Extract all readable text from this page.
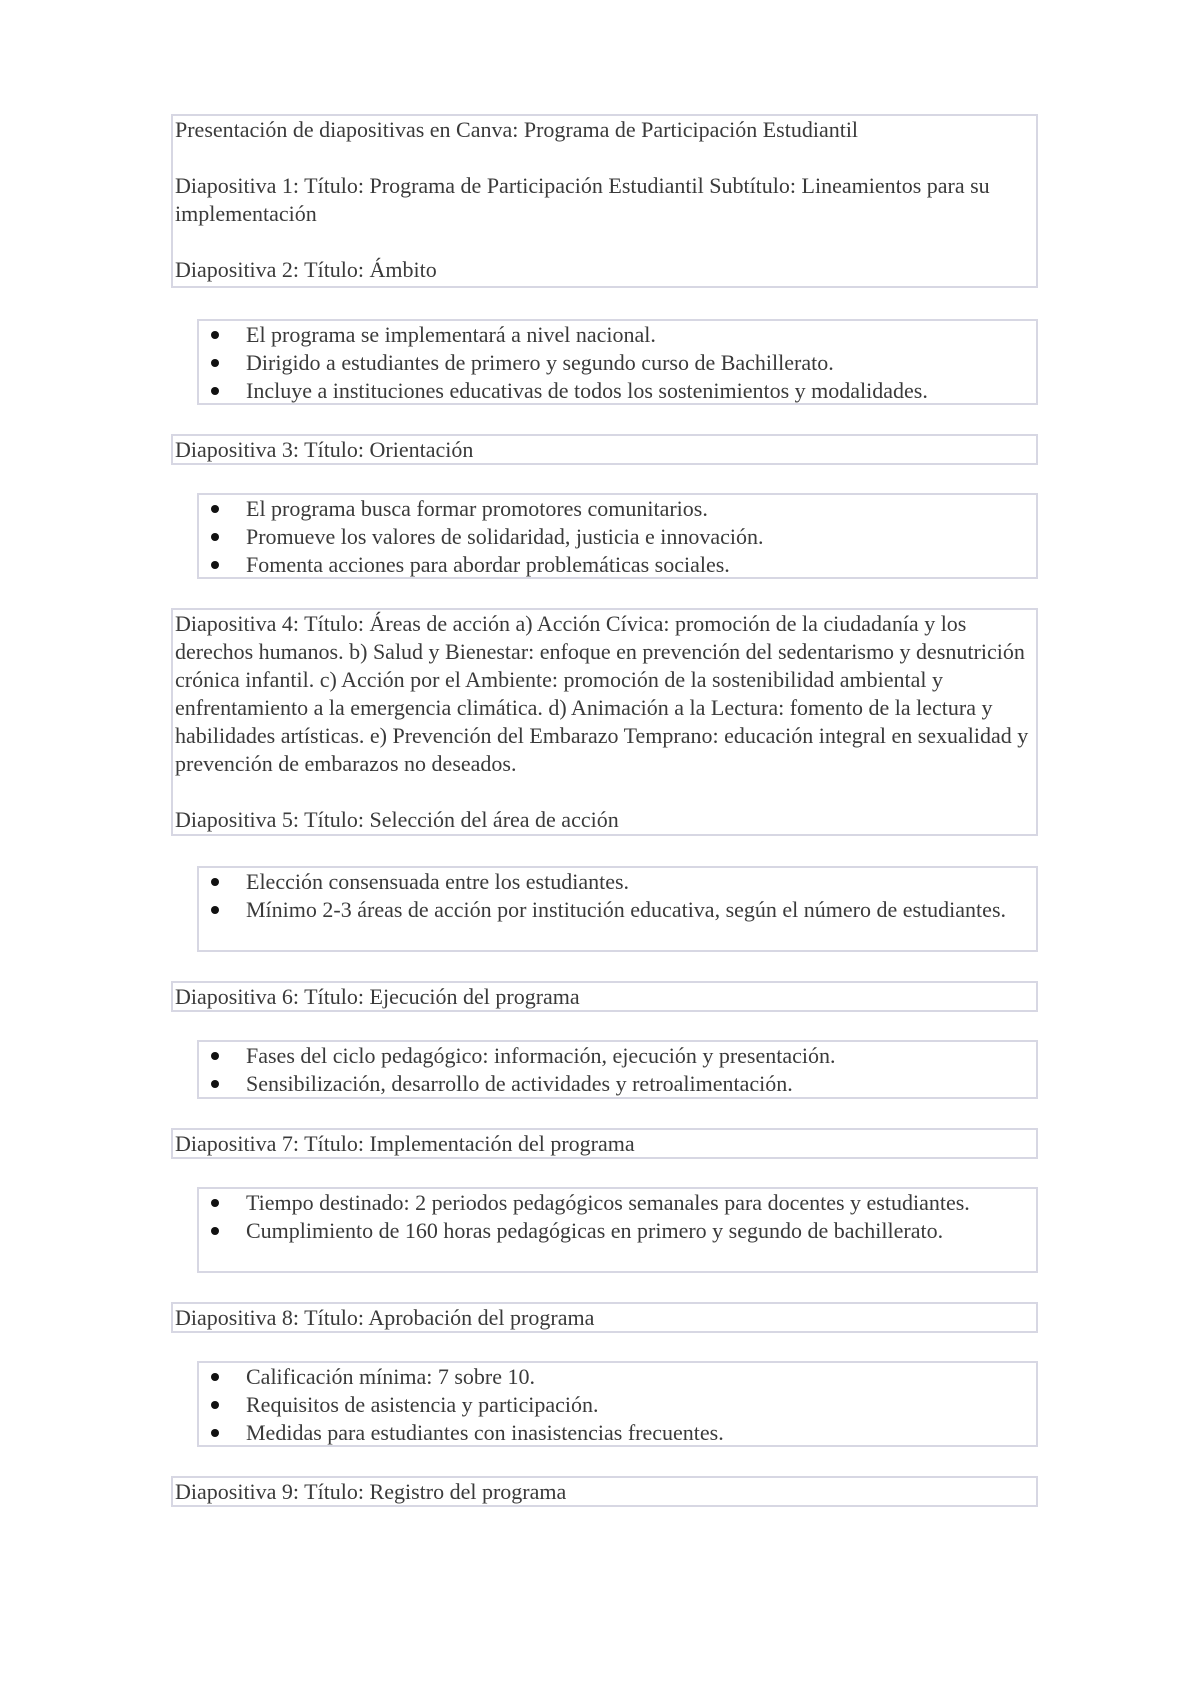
Presentación de diapositivas en Canva: Programa de Participación Estudiantil

Diapositiva 1: Título: Programa de Participación Estudiantil Subtítulo: Lineamientos para su implementación

Diapositiva 2: Título: Ámbito

El programa se implementará a nivel nacional.
Dirigido a estudiantes de primero y segundo curso de Bachillerato.
Incluye a instituciones educativas de todos los sostenimientos y modalidades.

Diapositiva 3: Título: Orientación

El programa busca formar promotores comunitarios.
Promueve los valores de solidaridad, justicia e innovación.
Fomenta acciones para abordar problemáticas sociales.

Diapositiva 4: Título: Áreas de acción a) Acción Cívica: promoción de la ciudadanía y los derechos humanos. b) Salud y Bienestar: enfoque en prevención del sedentarismo y desnutrición crónica infantil. c) Acción por el Ambiente: promoción de la sostenibilidad ambiental y enfrentamiento a la emergencia climática. d) Animación a la Lectura: fomento de la lectura y habilidades artísticas. e) Prevención del Embarazo Temprano: educación integral en sexualidad y prevención de embarazos no deseados.

Diapositiva 5: Título: Selección del área de acción

Elección consensuada entre los estudiantes.
Mínimo 2-3 áreas de acción por institución educativa, según el número de estudiantes.

Diapositiva 6: Título: Ejecución del programa

Fases del ciclo pedagógico: información, ejecución y presentación.
Sensibilización, desarrollo de actividades y retroalimentación.

Diapositiva 7: Título: Implementación del programa

Tiempo destinado: 2 periodos pedagógicos semanales para docentes y estudiantes.
Cumplimiento de 160 horas pedagógicas en primero y segundo de bachillerato.

Diapositiva 8: Título: Aprobación del programa

Calificación mínima: 7 sobre 10.
Requisitos de asistencia y participación.
Medidas para estudiantes con inasistencias frecuentes.

Diapositiva 9: Título: Registro del programa
